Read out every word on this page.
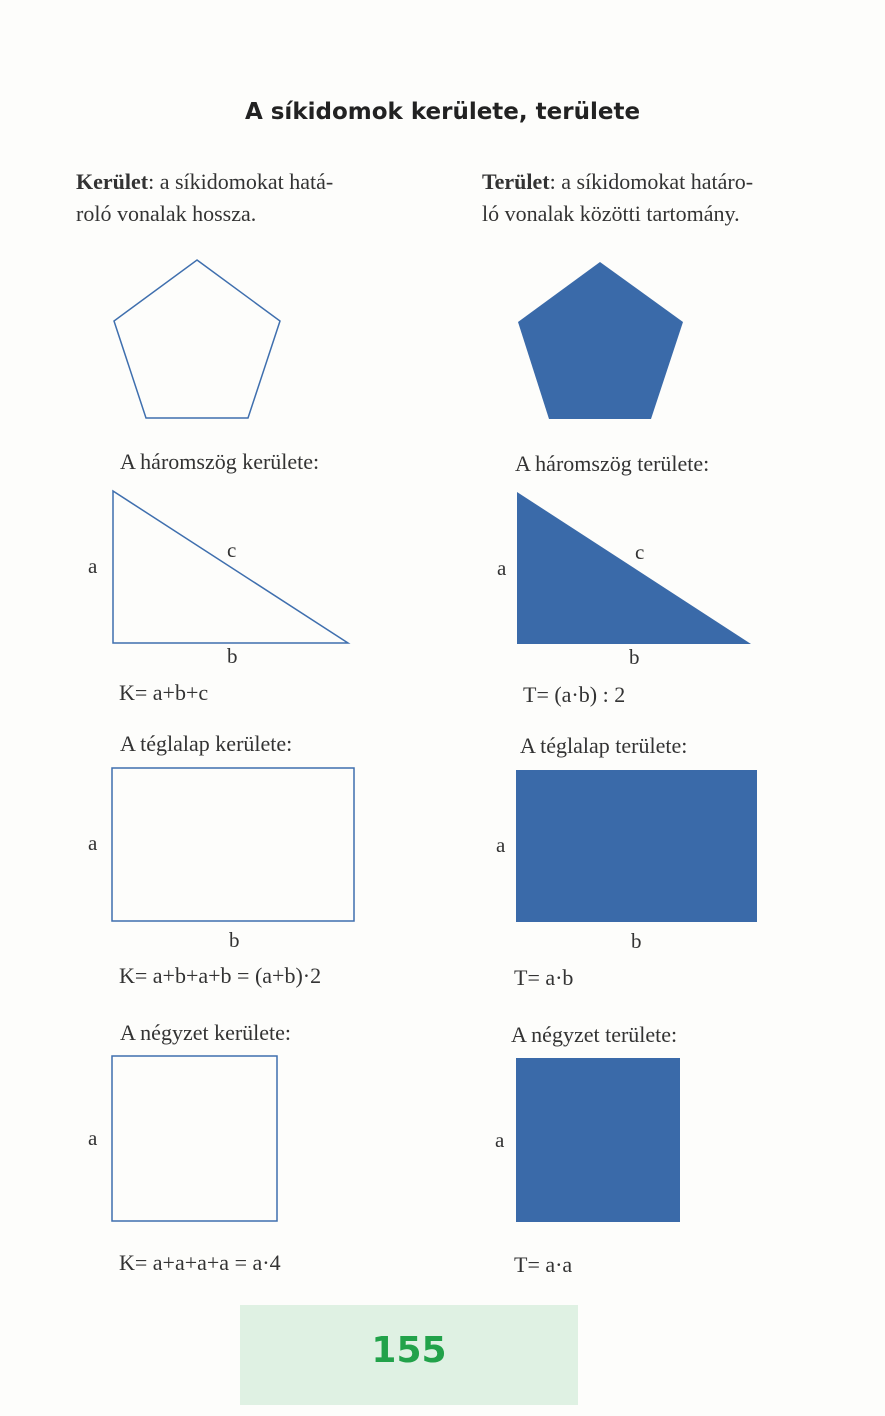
A síkidomok kerülete, területe
Kerület: a síkidomokat hatá-
roló vonalak hossza.
Terület: a síkidomokat határo-
ló vonalak közötti tartomány.
A háromszög kerülete:	A háromszög területe:
a
c
b
a
c
b
K= a+b+c	T= (a·b) : 2
A téglalap kerülete:	A téglalap területe:
a
b
a
b
K= a+b+a+b = (a+b)·2	T= a·b
A négyzet kerülete:	A négyzet területe:
a	a
K= a+a+a+a = a·4	T= a·a
155
